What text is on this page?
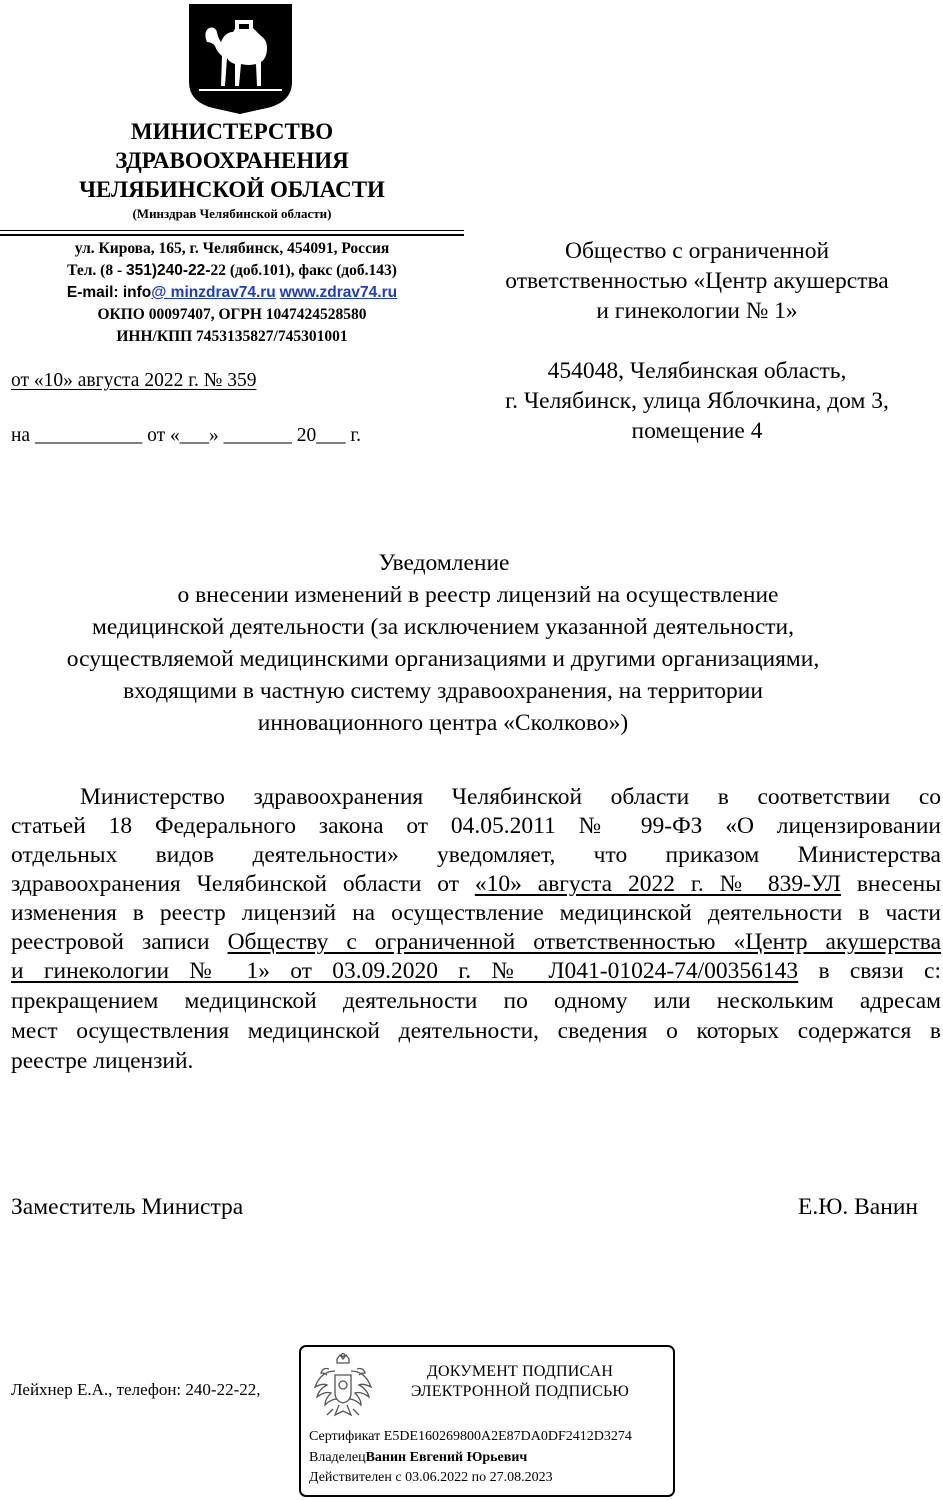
МИНИСТЕРСТВО
ЗДРАВООХРАНЕНИЯ
ЧЕЛЯБИНСКОЙ ОБЛАСТИ
(Минздрав Челябинской области)
ул. Кирова, 165, г. Челябинск, 454091, Россия
Тел. (8 - 351)240-22-22 (доб.101), факс (доб.143)
E-mail: info@ minzdrav74.ru www.zdrav74.ru
ОКПО 00097407, ОГРН 1047424528580
ИНН/КПП 7453135827/745301001
от «10» августа 2022 г. № 359
на ___________ от «___» _______ 20___ г.
Общество с ограниченной
ответственностью «Центр акушерства
и гинекологии № 1»
454048, Челябинская область,
г. Челябинск, улица Яблочкина, дом 3,
помещение 4
Уведомление
о внесении изменений в реестр лицензий на осуществление
медицинской деятельности (за исключением указанной деятельности,
осуществляемой медицинскими организациями и другими организациями,
входящими в частную систему здравоохранения, на территории
инновационного центра «Сколково»)
Министерство здравоохранения Челябинской области в соответствии со
статьей 18 Федерального закона от 04.05.2011 № 99-ФЗ «О лицензировании
отдельных видов деятельности» уведомляет, что приказом Министерства
здравоохранения Челябинской области от «10» августа 2022 г. № 839-УЛ внесены
изменения в реестр лицензий на осуществление медицинской деятельности в части
реестровой записи Обществу с ограниченной ответственностью «Центр акушерства
и гинекологии № 1» от 03.09.2020 г. № Л041-01024-74/00356143 в связи с:
прекращением медицинской деятельности по одному или нескольким адресам
мест осуществления медицинской деятельности, сведения о которых содержатся в
реестре лицензий.
Заместитель Министра	Е.Ю. Ванин
Лейхнер Е.А., телефон: 240-22-22,
ДОКУМЕНТ ПОДПИСАН
ЭЛЕКТРОННОЙ ПОДПИСЬЮ
Сертификат E5DE160269800A2E87DA0DF2412D3274
ВладелецВанин Евгений Юрьевич
Действителен с 03.06.2022 по 27.08.2023
